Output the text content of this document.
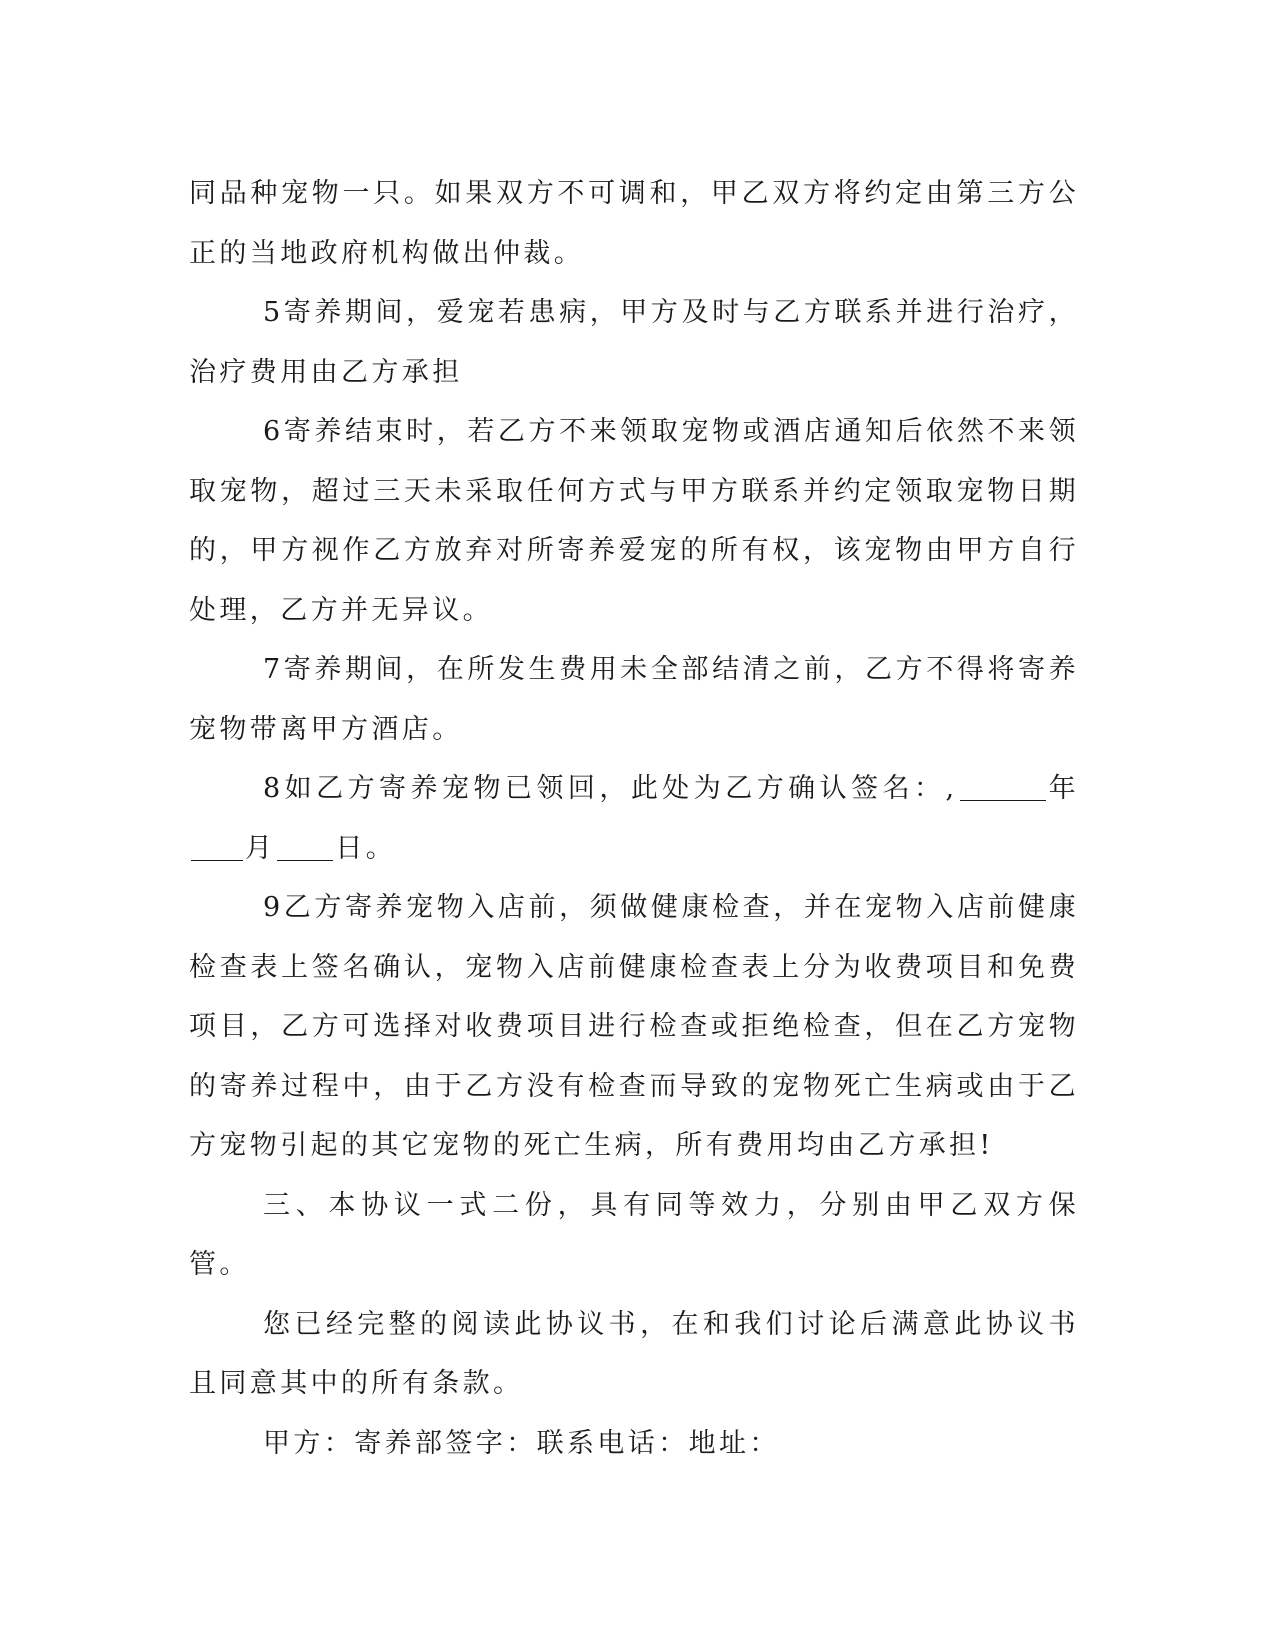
同品种宠物一只。如果双方不可调和，甲乙双方将约定由第三方公正的当地政府机构做出仲裁。

5寄养期间，爱宠若患病，甲方及时与乙方联系并进行治疗，治疗费用由乙方承担

6寄养结束时，若乙方不来领取宠物或酒店通知后依然不来领取宠物，超过三天未采取任何方式与甲方联系并约定领取宠物日期的，甲方视作乙方放弃对所寄养爱宠的所有权，该宠物由甲方自行处理，乙方并无异议。

7寄养期间，在所发生费用未全部结清之前，乙方不得将寄养宠物带离甲方酒店。

8如乙方寄养宠物已领回，此处为乙方确认签名：,	年月 日。

9乙方寄养宠物入店前，须做健康检查，并在宠物入店前健康检查表上签名确认，宠物入店前健康检查表上分为收费项目和免费项目，乙方可选择对收费项目进行检查或拒绝检查，但在乙方宠物的寄养过程中，由于乙方没有检查而导致的宠物死亡生病或由于乙方宠物引起的其它宠物的死亡生病，所有费用均由乙方承担!

三、本协议一式二份，具有同等效力，分别由甲乙双方保管。

您已经完整的阅读此协议书，在和我们讨论后满意此协议书且同意其中的所有条款。

甲方：寄养部签字：联系电话：地址：
